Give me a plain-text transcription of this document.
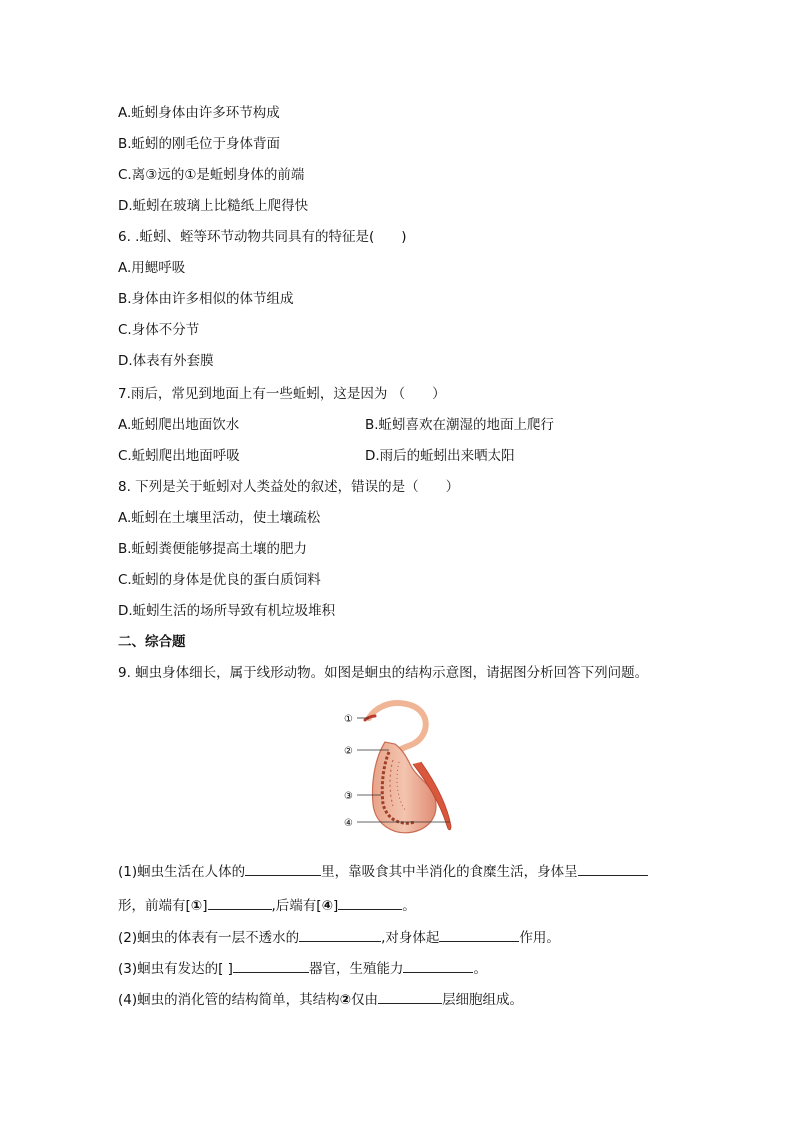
A.蚯蚓身体由许多环节构成
B.蚯蚓的刚毛位于身体背面
C.离③远的①是蚯蚓身体的前端
D.蚯蚓在玻璃上比糙纸上爬得快
6. .蚯蚓、蛭等环节动物共同具有的特征是(　　)
A.用鳃呼吸
B.身体由许多相似的体节组成
C.身体不分节
D.体表有外套膜
7.雨后，常见到地面上有一些蚯蚓，这是因为 （　　）
A.蚯蚓爬出地面饮水	B.蚯蚓喜欢在潮湿的地面上爬行
C.蚯蚓爬出地面呼吸	D.雨后的蚯蚓出来晒太阳
8. 下列是关于蚯蚓对人类益处的叙述，错误的是（　　）
A.蚯蚓在土壤里活动，使土壤疏松
B.蚯蚓粪便能够提高土壤的肥力
C.蚯蚓的身体是优良的蛋白质饲料
D.蚯蚓生活的场所导致有机垃圾堆积
二、综合题
9. 蛔虫身体细长，属于线形动物。如图是蛔虫的结构示意图，请据图分析回答下列问题。
①
②
③
④
(1)蛔虫生活在人体的	里，靠吸食其中半消化的食糜生活，身体呈
形，前端有[①]	,后端有[④]	。
(2)蛔虫的体表有一层不透水的	,对身体起	作用。
(3)蛔虫有发达的[ ]	器官，生殖能力	。
(4)蛔虫的消化管的结构简单，其结构②仅由	层细胞组成。
